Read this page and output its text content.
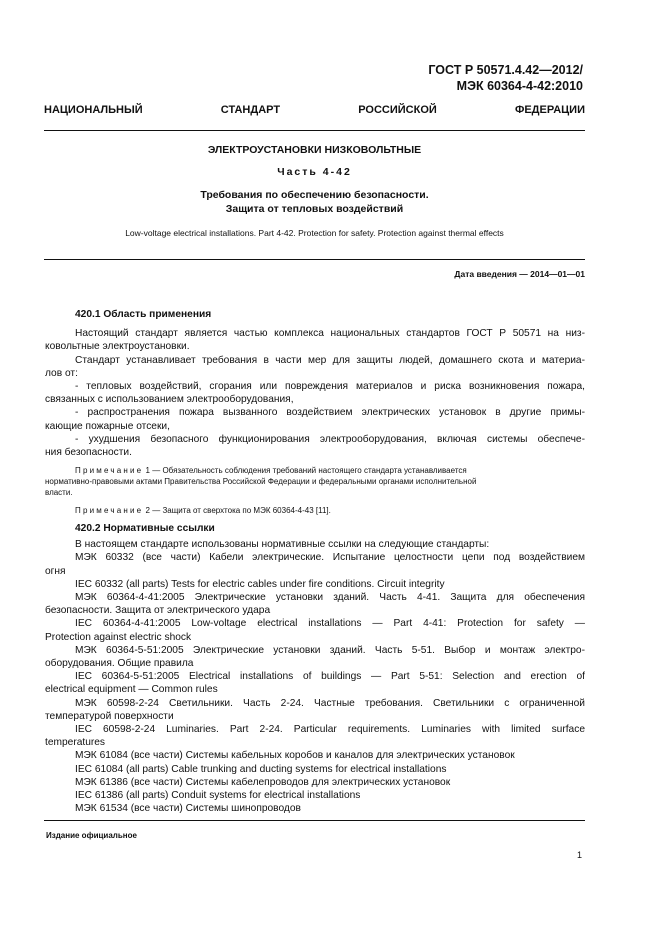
ГОСТ Р 50571.4.42—2012/
МЭК 60364-4-42:2010
НАЦИОНАЛЬНЫЙ	СТАНДАРТ	РОССИЙСКОЙ	ФЕДЕРАЦИИ
ЭЛЕКТРОУСТАНОВКИ НИЗКОВОЛЬТНЫЕ
Часть 4-42
Требования по обеспечению безопасности.
Защита от тепловых воздействий
Low-voltage electrical installations. Part 4-42. Protection for safety. Protection against thermal effects
Дата введения — 2014—01—01

420.1 Область применения

Настоящий стандарт является частью комплекса национальных стандартов ГОСТ Р 50571 на низ-

ковольтные электроустановки.

Стандарт устанавливает требования в части мер для защиты людей, домашнего скота и материа-

лов от:

- тепловых воздействий, сгорания или повреждения материалов и риска возникновения пожара,

связанных с использованием электрооборудования,

- распространения пожара вызванного воздействием электрических установок в другие примы-

кающие пожарные отсеки,

- ухудшения безопасного функционирования электрооборудования, включая системы обеспече-

ния безопасности.

Примечание 1 — Обязательность соблюдения требований настоящего стандарта устанавливается

нормативно-правовыми актами Правительства Российской Федерации и федеральными органами исполнительной

власти.

Примечание 2 — Защита от сверхтока по МЭК 60364-4-43 [11].

420.2 Нормативные ссылки

В настоящем стандарте использованы нормативные ссылки на следующие стандарты:

МЭК 60332 (все части) Кабели электрические. Испытание целостности цепи под воздействием

огня

IEC 60332 (all parts) Tests for electric cables under fire conditions. Circuit integrity

МЭК 60364-4-41:2005 Электрические установки зданий. Часть 4-41. Защита для обеспечения

безопасности. Защита от электрического удара

IEC 60364-4-41:2005 Low-voltage electrical installations — Part 4-41: Protection for safety —

Protection against electric shock

МЭК 60364-5-51:2005 Электрические установки зданий. Часть 5-51. Выбор и монтаж электро-

оборудования. Общие правила

IEC 60364-5-51:2005 Electrical installations of buildings — Part 5-51: Selection and erection of

electrical equipment — Common rules

МЭК 60598-2-24 Светильники. Часть 2-24. Частные требования. Светильники с ограниченной

температурой поверхности

IEC 60598-2-24 Luminaries. Part 2-24. Particular requirements. Luminaries with limited surface

temperatures

МЭК 61084 (все части) Системы кабельных коробов и каналов для электрических установок

IEC 61084 (all parts) Cable trunking and ducting systems for electrical installations

МЭК 61386 (все части) Системы кабелепроводов для электрических установок

IEC 61386 (all parts) Conduit systems for electrical installations

МЭК 61534 (все части) Системы шинопроводов

Издание официальное
1
